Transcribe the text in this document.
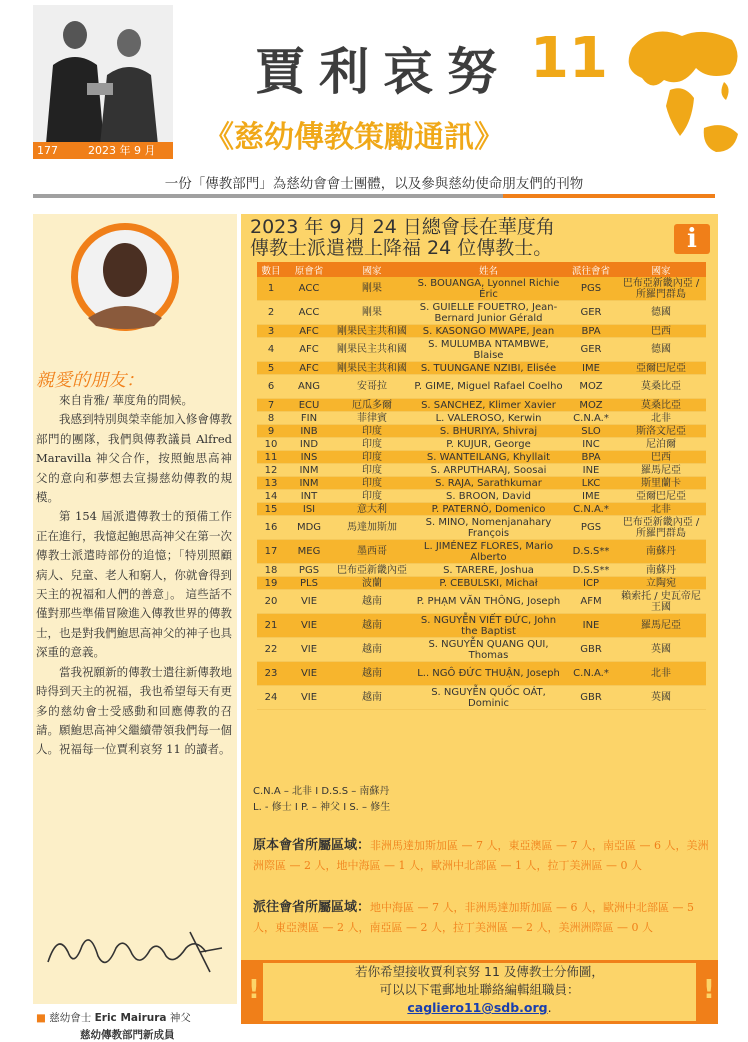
177	2023 年 9 月
賈利哀努 11
《慈幼傳教策勵通訊》
一份「傳教部門」為慈幼會會士團體，以及參與慈幼使命朋友們的刊物
親愛的朋友：

來自肯雅/ 華度角的問候。

我感到特別與榮幸能加入修會傳教部門的團隊，我們與傳教議員 Alfred Maravilla 神父合作，按照鮑思高神父的意向和夢想去宣揚慈幼傳教的規模。

第 154 屆派遣傳教士的預備工作正在進行，我憶起鮑思高神父在第一次傳教士派遣時部份的追憶；「特別照顧病人、兒童、老人和窮人，你就會得到天主的祝福和人們的善意」。 這些話不僅對那些準備冒險進入傳教世界的傳教士，也是對我們鮑思高神父的神子也具深重的意義。

當我祝願新的傳教士遣往新傳教地時得到天主的祝福，我也希望每天有更多的慈幼會士受感動和回應傳教的召請。願鮑思高神父繼續帶領我們每一個人。祝福每一位賈利哀努 11 的讀者。

■ 慈幼會士 Eric Mairura 神父
慈幼傳教部門新成員
2023 年 9 月 24 日總會長在華度角
傳教士派遣禮上降福 24 位傳教士。	i
數目	原會省	國家	姓名	派往會省	國家
1	ACC	剛果	S. BOUANGA, Lyonnel Richie Éric	PGS	巴布亞新畿內亞 / 所羅門群島
2	ACC	剛果	S. GUIELLE FOUETRO, Jean-Bernard Junior Gérald	GER	德國
3	AFC	剛果民主共和國	S. KASONGO MWAPE, Jean	BPA	巴西
4	AFC	剛果民主共和國	S. MULUMBA NTAMBWE, Blaise	GER	德國
5	AFC	剛果民主共和國	S. TUUNGANE NZIBI, Elisée	IME	亞爾巴尼亞
6	ANG	安哥拉	P. GIME, Miguel Rafael Coelho	MOZ	莫桑比亞
7	ECU	厄瓜多爾	S. SANCHEZ, Klimer Xavier	MOZ	莫桑比亞
8	FIN	菲律賓	L. VALEROSO, Kerwin	C.N.A.*	北非
9	INB	印度	S. BHURIYA, Shivraj	SLO	斯洛文尼亞
10	IND	印度	P. KUJUR, George	INC	尼泊爾
11	INS	印度	S. WANTEILANG, Khyllait	BPA	巴西
12	INM	印度	S. ARPUTHARAJ, Soosai	INE	羅馬尼亞
13	INM	印度	S. RAJA, Sarathkumar	LKC	斯里蘭卡
14	INT	印度	S. BROON, David	IME	亞爾巴尼亞
15	ISI	意大利	P. PATERNÒ, Domenico	C.N.A.*	北非
16	MDG	馬達加斯加	S. MINO, Nomenjanahary François	PGS	巴布亞新畿內亞 / 所羅門群島
17	MEG	墨西哥	L. JIMÉNEZ FLORES, Mario Alberto	D.S.S**	南蘇丹
18	PGS	巴布亞新畿內亞	S. TARERE, Joshua	D.S.S**	南蘇丹
19	PLS	波蘭	P. CEBULSKI, Michał	ICP	立陶宛
20	VIE	越南	P. PHẠM VĂN THÔNG, Joseph	AFM	賴索托 / 史瓦帝尼王國
21	VIE	越南	S. NGUYỄN VIẾT ĐỨC, John the Baptist	INE	羅馬尼亞
22	VIE	越南	S. NGUYỄN QUANG QUI, Thomas	GBR	英國
23	VIE	越南	L.. NGÔ ĐỨC THUẬN, Joseph	C.N.A.*	北非
24	VIE	越南	S. NGUYỄN QUỐC OÁT, Dominic	GBR	英國
C.N.A – 北非 I D.S.S – 南蘇丹
L. - 修士 I P. – 神父 I S. – 修生
原本會省所屬區域：非洲馬達加斯加區 — 7 人，東亞澳區 — 7 人，南亞區 — 6 人，美洲洲際區 — 2 人，地中海區 — 1 人，歐洲中北部區 — 1 人，拉丁美洲區 — 0 人
派往會省所屬區域：地中海區 — 7 人，非洲馬達加斯加區 — 6 人，歐洲中北部區 — 5 人，東亞澳區 — 2 人，南亞區 — 2 人，拉丁美洲區 — 2 人，美洲洲際區 — 0 人
!	!
若你希望接收賈利哀努 11 及傳教士分佈圖，
可以以下電郵地址聯絡編輯組職員：
cagliero11@sdb.org.
